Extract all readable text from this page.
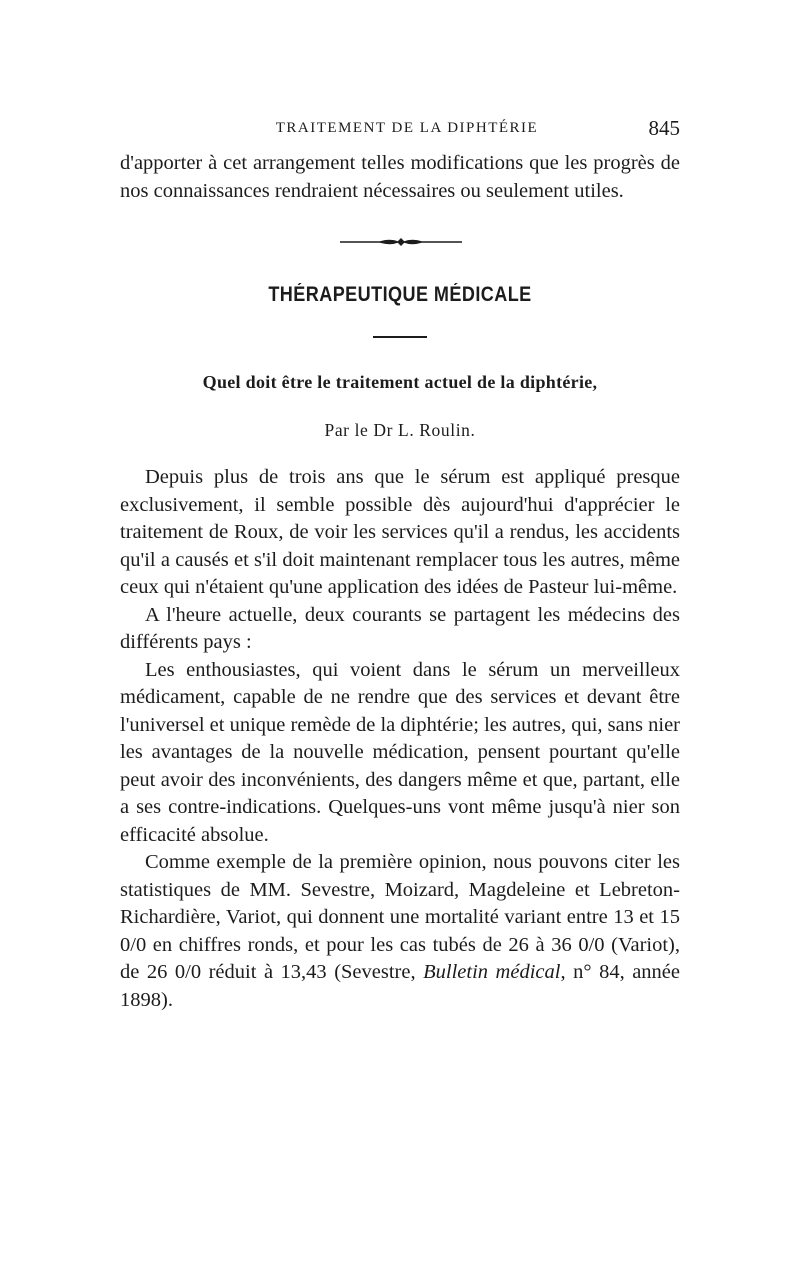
TRAITEMENT DE LA DIPHTÉRIE	845

d'apporter à cet arrangement telles modifications que les progrès de nos connaissances rendraient nécessaires ou seulement utiles.

THÉRAPEUTIQUE MÉDICALE
Quel doit être le traitement actuel de la diphtérie,
Par le Dr L. Roulin.

Depuis plus de trois ans que le sérum est appliqué presque exclusivement, il semble possible dès aujourd'hui d'apprécier le traitement de Roux, de voir les services qu'il a rendus, les accidents qu'il a causés et s'il doit maintenant remplacer tous les autres, même ceux qui n'étaient qu'une application des idées de Pasteur lui-même.

A l'heure actuelle, deux courants se partagent les médecins des différents pays :

Les enthousiastes, qui voient dans le sérum un merveilleux médicament, capable de ne rendre que des services et devant être l'universel et unique remède de la diphtérie; les autres, qui, sans nier les avantages de la nouvelle médication, pensent pourtant qu'elle peut avoir des inconvénients, des dangers même et que, partant, elle a ses contre-indications. Quelques-uns vont même jusqu'à nier son efficacité absolue.

Comme exemple de la première opinion, nous pouvons citer les statistiques de MM. Sevestre, Moizard, Magdeleine et Lebreton-Richardière, Variot, qui donnent une mortalité variant entre 13 et 15 0/0 en chiffres ronds, et pour les cas tubés de 26 à 36 0/0 (Variot), de 26 0/0 réduit à 13,43 (Sevestre, Bulletin médical, n° 84, année 1898).
